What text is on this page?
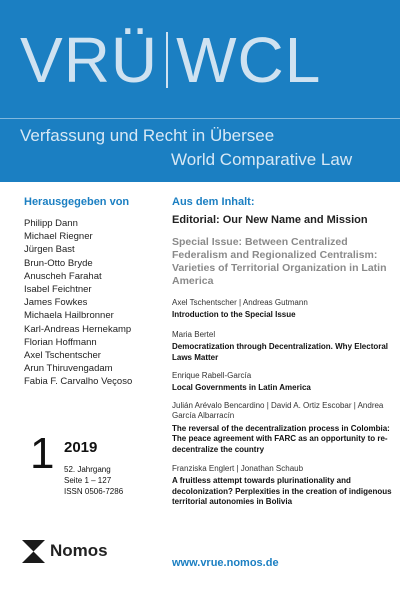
VRÜ WCL
Verfassung und Recht in Übersee
World Comparative Law
Herausgegeben von
Philipp Dann
Michael Riegner
Jürgen Bast
Brun-Otto Bryde
Anuscheh Farahat
Isabel Feichtner
James Fowkes
Michaela Hailbronner
Karl-Andreas Hernekamp
Florian Hoffmann
Axel Tschentscher
Arun Thiruvengadam
Fabia F. Carvalho Veçoso
1 2019
52. Jahrgang
Seite 1 – 127
ISSN 0506-7286
Nomos
Aus dem Inhalt:
Editorial: Our New Name and Mission
Special Issue: Between Centralized Federalism and Regionalized Centralism: Varieties of Territorial Organization in Latin America
Axel Tschentscher | Andreas Gutmann
Introduction to the Special Issue
Maria Bertel
Democratization through Decentralization. Why Electoral Laws Matter
Enrique Rabell-García
Local Governments in Latin America
Julián Arévalo Bencardino | David A. Ortiz Escobar | Andrea García Albarracín
The reversal of the decentralization process in Colombia: The peace agreement with FARC as an opportunity to re-decentralize the country
Franziska Englert | Jonathan Schaub
A fruitless attempt towards plurinationality and decolonization? Perplexities in the creation of indigenous territorial autonomies in Bolivia
www.vrue.nomos.de
